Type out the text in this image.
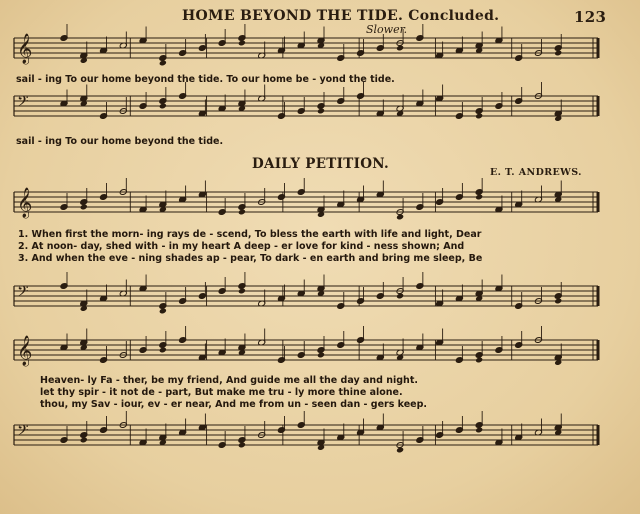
HOME BEYOND THE TIDE. Concluded.	123
Slower.
DAILY PETITION.
E. T. ANDREWS.
𝄞
𝄢
𝄞
𝄢
𝄞
𝄢
sail - ing To our home beyond the tide. To our home be - yond the tide.
sail - ing To our home beyond the tide.
1. When first the morn- ing rays de - scend, To bless the earth with life and light, Dear
2. At noon- day, shed with - in my heart A deep - er love for kind - ness shown; And
3. And when the eve - ning shades ap - pear, To dark - en earth and bring me sleep, Be
Heaven- ly Fa - ther, be my friend, And guide me all the day and night.
let thy spir - it not de - part, But make me tru - ly more thine alone.
thou, my Sav - iour, ev - er near, And me from un - seen dan - gers keep.
